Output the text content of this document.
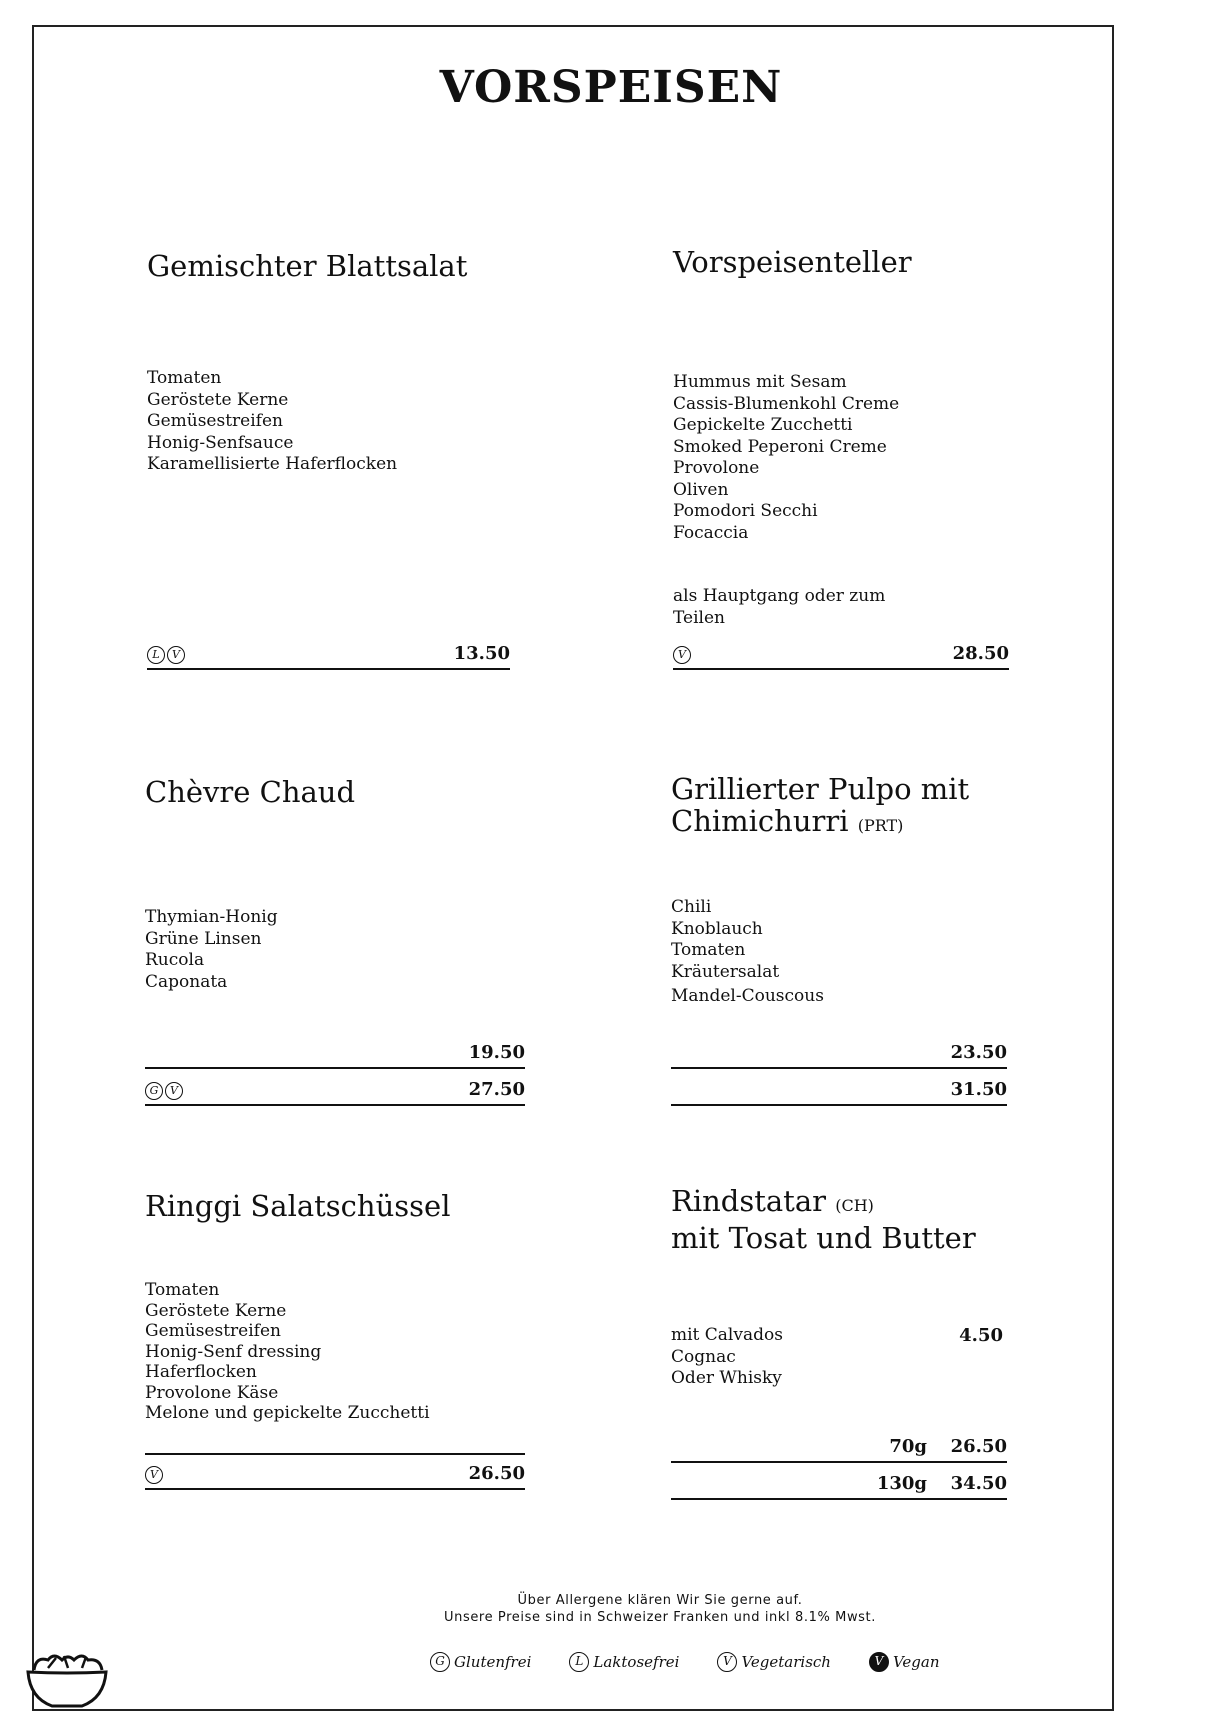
VORSPEISEN
Gemischter Blattsalat
Tomaten
Geröstete Kerne
Gemüsestreifen
Honig-Senfsauce
Karamellisierte Haferflocken
L	V	13.50
Vorspeisenteller
Hummus mit Sesam
Cassis-Blumenkohl Creme
Gepickelte Zucchetti
Smoked Peperoni Creme
Provolone
Oliven
Pomodori Secchi
Focaccia
als Hauptgang oder zum
Teilen
V	28.50
Chèvre Chaud
Thymian-Honig
Grüne Linsen
Rucola
Caponata
19.50
G	V	27.50
Grillierter Pulpo mit
Chimichurri (PRT)
Chili
Knoblauch
Tomaten
Kräutersalat
Mandel-Couscous
23.50
31.50
Ringgi Salatschüssel
Tomaten
Geröstete Kerne
Gemüsestreifen
Honig-Senf dressing
Haferflocken
Provolone Käse
Melone und gepickelte Zucchetti
V	26.50
Rindstatar (CH)
mit Tosat und Butter
mit Calvados
Cognac
Oder Whisky
4.50
70g 26.50
130g 34.50
Über Allergene klären Wir Sie gerne auf.
Unsere Preise sind in Schweizer Franken und inkl 8.1% Mwst.
G Glutenfrei	L Laktosefrei	V Vegetarisch	V Vegan
